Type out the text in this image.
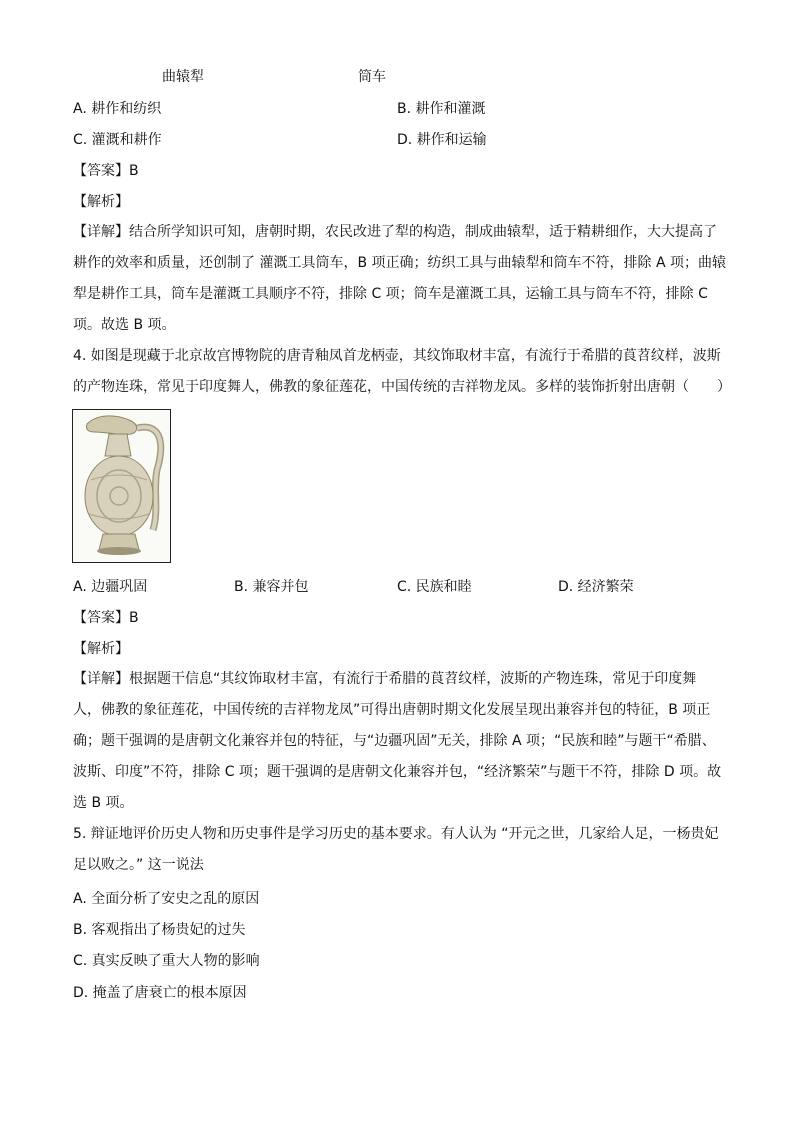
曲辕犁	筒车
A. 耕作和纺织	B. 耕作和灌溉
C. 灌溉和耕作	D. 耕作和运输
【答案】B
【解析】
【详解】结合所学知识可知，唐朝时期，农民改进了犁的构造，制成曲辕犁，适于精耕细作，大大提高了
耕作的效率和质量，还创制了 灌溉工具筒车，B 项正确；纺织工具与曲辕犁和筒车不符，排除 A 项；曲辕
犁是耕作工具，筒车是灌溉工具顺序不符，排除 C 项；筒车是灌溉工具，运输工具与筒车不符，排除 C
项。故选 B 项。
4. 如图是现藏于北京故宫博物院的唐青釉凤首龙柄壶，其纹饰取材丰富，有流行于希腊的莨苕纹样，波斯
的产物连珠，常见于印度舞人，佛教的象征莲花，中国传统的吉祥物龙凤。多样的装饰折射出唐朝（　　）
A. 边疆巩固	B. 兼容并包	C. 民族和睦	D. 经济繁荣
【答案】B
【解析】
【详解】根据题干信息“其纹饰取材丰富，有流行于希腊的莨苕纹样，波斯的产物连珠，常见于印度舞
人，佛教的象征莲花，中国传统的吉祥物龙凤”可得出唐朝时期文化发展呈现出兼容并包的特征，B 项正
确；题干强调的是唐朝文化兼容并包的特征，与“边疆巩固”无关，排除 A 项；“民族和睦”与题干“希腊、
波斯、印度”不符，排除 C 项；题干强调的是唐朝文化兼容并包，“经济繁荣”与题干不符，排除 D 项。故
选 B 项。
5. 辩证地评价历史人物和历史事件是学习历史的基本要求。有人认为 “开元之世，几家给人足，一杨贵妃
足以败之。” 这一说法
A. 全面分析了安史之乱的原因
B. 客观指出了杨贵妃的过失
C. 真实反映了重大人物的影响
D. 掩盖了唐衰亡的根本原因
